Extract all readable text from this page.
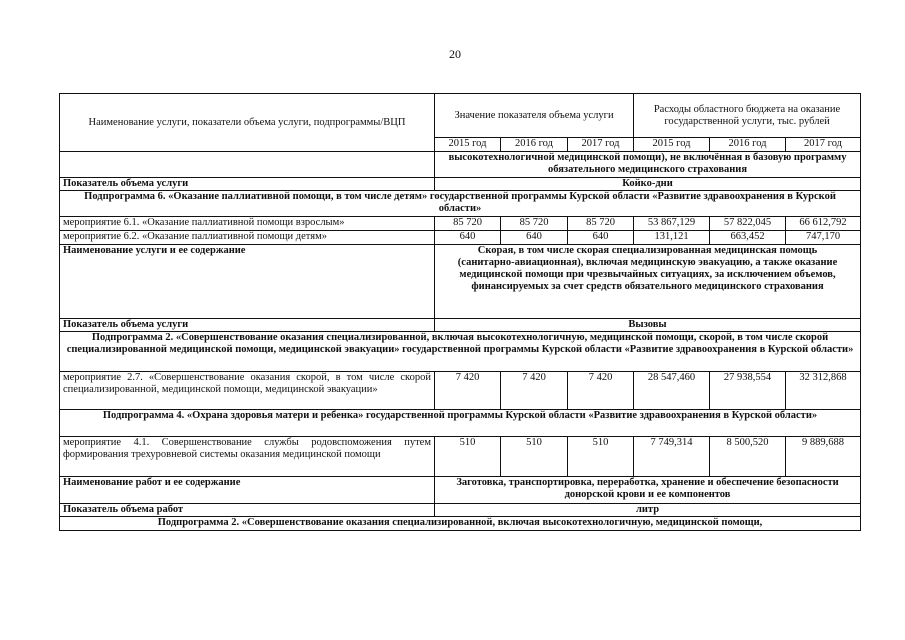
20
Наименование услуги, показатели объема услуги, подпрограммы/ВЦП	Значение показателя объема услуги			Расходы областного бюджета на оказание государственной услуги, тыс. рублей		
	2015 год	2016 год	2017 год	2015 год	2016 год	2017 год
	высокотехнологичной медицинской помощи), не включённая в базовую программу обязательного медицинского страхования					
Показатель объема услуги	Койко-дни					
Подпрограмма 6. «Оказание паллиативной помощи, в том числе детям» государственной программы Курской области «Развитие здравоохранения в Курской области»						
мероприятие 6.1. «Оказание паллиативной помощи взрослым»	85 720	85 720	85 720	53 867,129	57 822,045	66 612,792
мероприятие 6.2. «Оказание паллиативной помощи детям»	640	640	640	131,121	663,452	747,170
Наименование услуги и ее содержание	Скорая, в том числе скорая специализированная медицинская помощь (санитарно-авиационная), включая медицинскую эвакуацию, а также оказание медицинской помощи при чрезвычайных ситуациях, за исключением объемов, финансируемых за счет средств обязательного медицинского страхования					
Показатель объема услуги	Вызовы					
Подпрограмма 2. «Совершенствование оказания специализированной, включая высокотехнологичную, медицинской помощи, скорой, в том числе скорой специализированной медицинской помощи, медицинской эвакуации» государственной программы Курской области «Развитие здравоохранения в Курской области»						
мероприятие 2.7. «Совершенствование оказания скорой, в том числе скорой специализированной, медицинской помощи, медицинской эвакуации»	7 420	7 420	7 420	28 547,460	27 938,554	32 312,868
Подпрограмма 4. «Охрана здоровья матери и ребенка» государственной программы Курской области «Развитие здравоохранения в Курской области»						
мероприятие 4.1. Совершенствование службы родовспоможения путем формирования трехуровневой системы оказания медицинской помощи	510	510	510	7 749,314	8 500,520	9 889,688
Наименование работ и ее содержание	Заготовка, транспортировка, переработка, хранение и обеспечение безопасности донорской крови и ее компонентов					
Показатель объема работ	литр					
Подпрограмма 2. «Совершенствование оказания специализированной, включая высокотехнологичную, медицинской помощи,						
